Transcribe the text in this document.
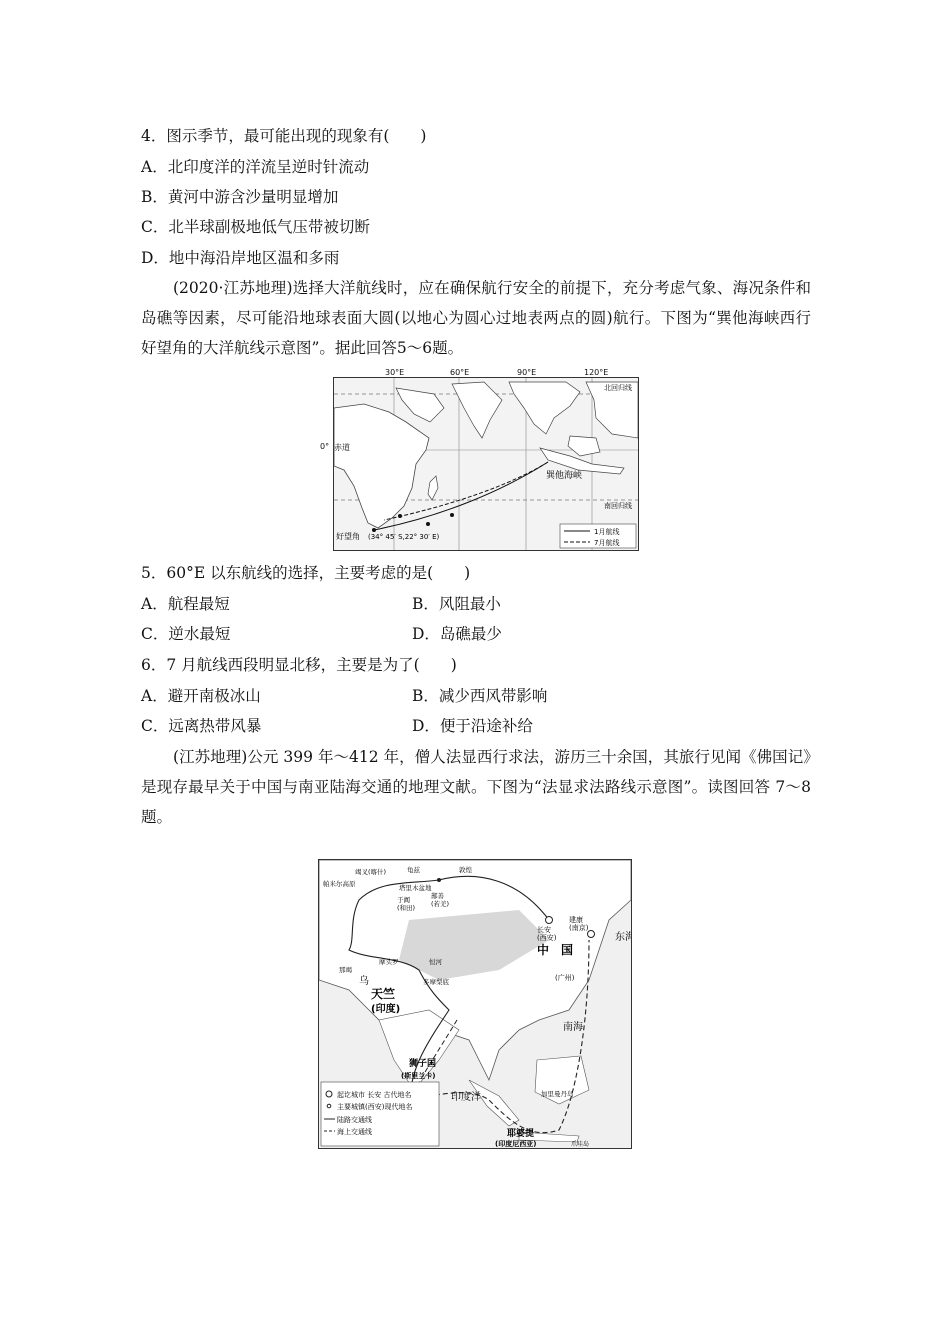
4．图示季节，最可能出现的现象有(　　)
A．北印度洋的洋流呈逆时针流动
B．黄河中游含沙量明显增加
C．北半球副极地低气压带被切断
D．地中海沿岸地区温和多雨
(2020·江苏地理)选择大洋航线时，应在确保航行安全的前提下，充分考虑气象、海况条件和岛礁等因素，尽可能沿地球表面大圆(以地心为圆心过地表两点的圆)航行。下图为“巽他海峡西行好望角的大洋航线示意图”。据此回答5～6题。
赤道
北回归线
南回归线
巽他海峡
好望角 (34° 45′ S,22° 30′ E)
1月航线
7月航线
30°E	60°E	90°E	120°E
0°
5．60°E 以东航线的选择，主要考虑的是(　　)
A．航程最短	B．风阻最小
C．逆水最短	D．岛礁最少
6．7 月航线西段明显北移，主要是为了(　　)
A．避开南极冰山	B．减少西风带影响
C．远离热带风暴	D．便于沿途补给
(江苏地理)公元 399 年～412 年，僧人法显西行求法，游历三十余国，其旅行见闻《佛国记》是现存最早关于中国与南亚陆海交通的地理文献。下图为“法显求法路线示意图”。读图回答 7～8 题。
竭叉(喀什)
帕米尔高原
龟兹	敦煌
塔里木盆地
鄯善
(若羌)
于阗
(和田)
长安
(西安)
建康
(南京)
中　国
(广州)
东海
南海
乌
摩头罗	恒河
多摩梨底
那竭
天竺
(印度)
狮子国
(斯里兰卡)
印度洋	加里曼丹岛
耶婆提
(印度尼西亚)	爪哇岛
起讫城市 长安 古代地名
主要城镇(西安)现代地名
陆路交通线
海上交通线
